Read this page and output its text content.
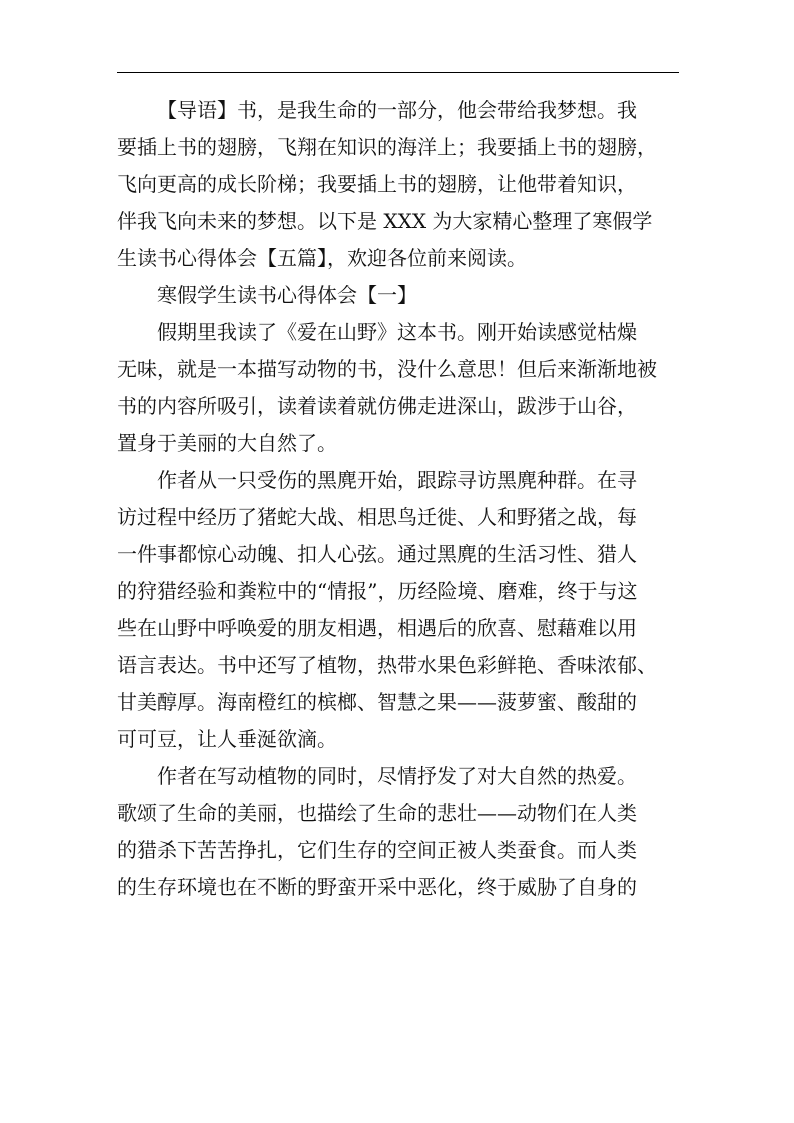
【导语】书，是我生命的一部分，他会带给我梦想。我
要插上书的翅膀，飞翔在知识的海洋上；我要插上书的翅膀，
飞向更高的成长阶梯；我要插上书的翅膀，让他带着知识，
伴我飞向未来的梦想。以下是 XXX 为大家精心整理了寒假学
生读书心得体会【五篇】，欢迎各位前来阅读。
寒假学生读书心得体会【一】
假期里我读了《爱在山野》这本书。刚开始读感觉枯燥
无味，就是一本描写动物的书，没什么意思！但后来渐渐地被
书的内容所吸引，读着读着就仿佛走进深山，跋涉于山谷，
置身于美丽的大自然了。
作者从一只受伤的黑麂开始，跟踪寻访黑麂种群。在寻
访过程中经历了猪蛇大战、相思鸟迁徙、人和野猪之战，每
一件事都惊心动魄、扣人心弦。通过黑麂的生活习性、猎人
的狩猎经验和粪粒中的“情报”，历经险境、磨难，终于与这
些在山野中呼唤爱的朋友相遇，相遇后的欣喜、慰藉难以用
语言表达。书中还写了植物，热带水果色彩鲜艳、香味浓郁、
甘美醇厚。海南橙红的槟榔、智慧之果——菠萝蜜、酸甜的
可可豆，让人垂涎欲滴。
作者在写动植物的同时，尽情抒发了对大自然的热爱。
歌颂了生命的美丽，也描绘了生命的悲壮——动物们在人类
的猎杀下苦苦挣扎，它们生存的空间正被人类蚕食。而人类
的生存环境也在不断的野蛮开采中恶化，终于威胁了自身的
